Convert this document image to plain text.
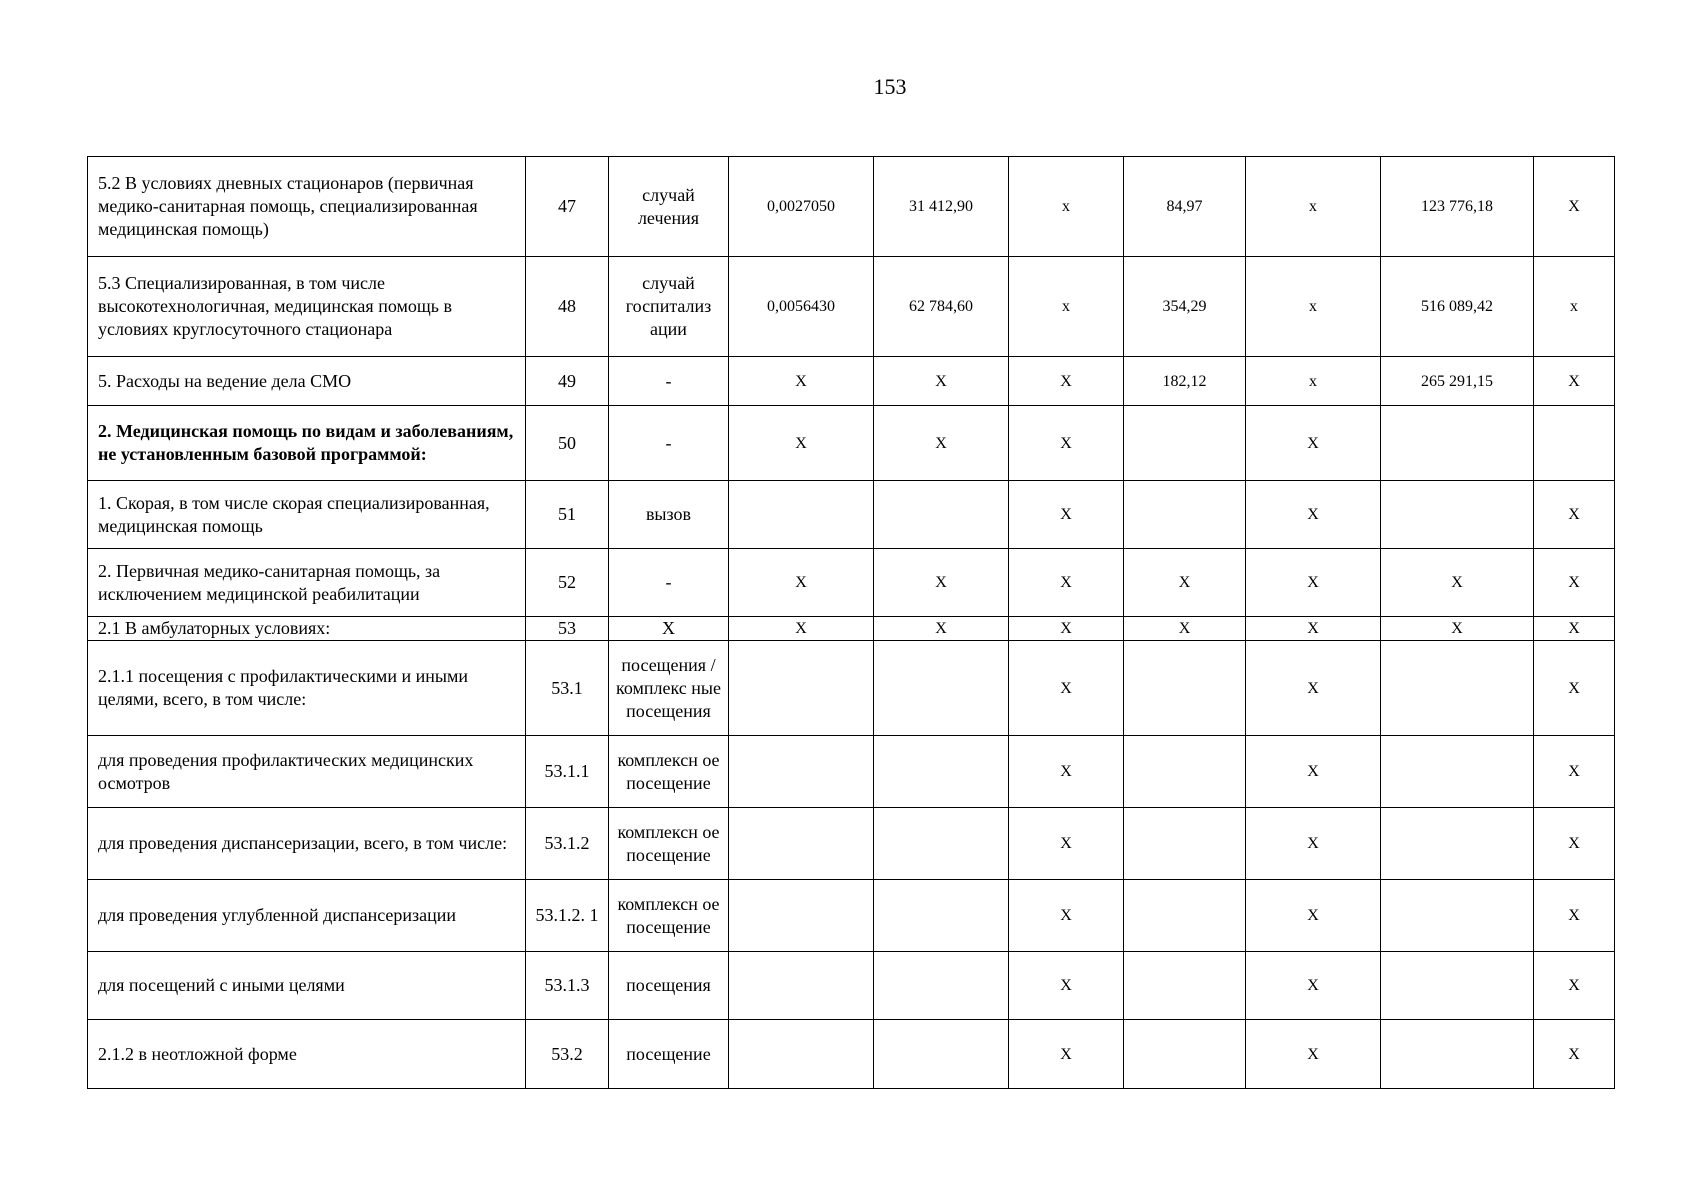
153
5.2 В условиях дневных стационаров (первичная медико-санитарная помощь, специализированная медицинская помощь)	47	случай лечения	0,0027050	31 412,90	x	84,97	x	123 776,18	X
5.3 Специализированная, в том числе высокотехнологичная, медицинская помощь в условиях круглосуточного стационара	48	случай госпитализ ации	0,0056430	62 784,60	x	354,29	x	516 089,42	x
5. Расходы на ведение дела СМО	49	-	X	X	X	182,12	x	265 291,15	X
2. Медицинская помощь по видам и заболеваниям, не установленным базовой программой:	50	-	X	X	X		X		
1. Скорая, в том числе скорая специализированная, медицинская помощь	51	вызов			X		X		X
2. Первичная медико-санитарная помощь, за исключением медицинской реабилитации	52	-	X	X	X	X	X	X	X
2.1 В амбулаторных условиях:	53	X	X	X	X	X	X	X	X
2.1.1 посещения с профилактическими и иными целями, всего, в том числе:	53.1	посещения /комплекс ные посещения			X		X		X
для проведения профилактических медицинских осмотров	53.1.1	комплексн ое посещение			X		X		X
для проведения диспансеризации, всего, в том числе:	53.1.2	комплексн ое посещение			X		X		X
для проведения углубленной диспансеризации	53.1.2. 1	комплексн ое посещение			X		X		X
для посещений с иными целями	53.1.3	посещения			X		X		X
2.1.2 в неотложной форме	53.2	посещение			X		X		X
